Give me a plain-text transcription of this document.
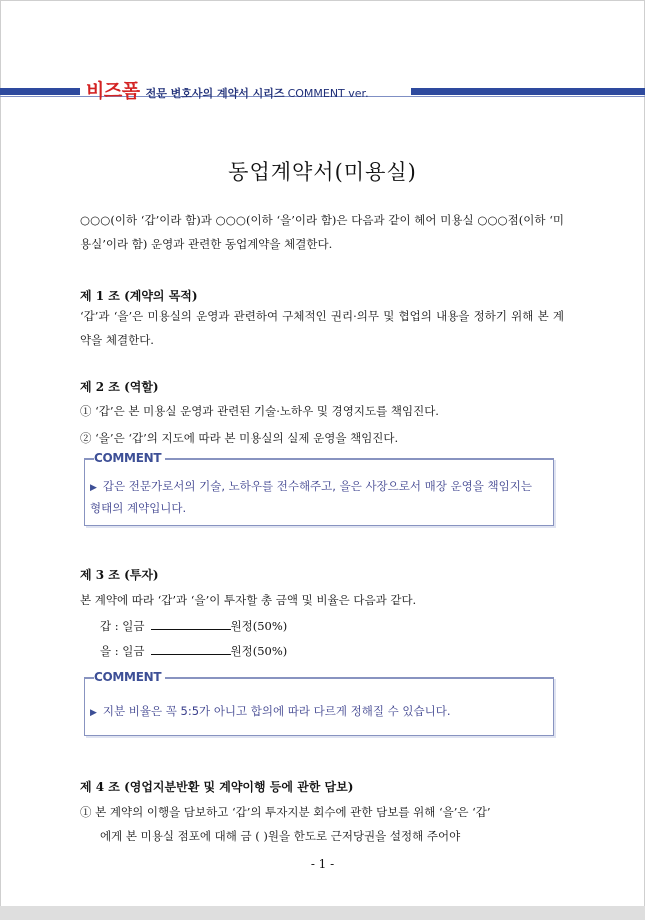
비즈폼 전문 변호사의 계약서 시리즈 COMMENT ver.
동업계약서(미용실)
○○○(이하 ‘갑’이라 함)과 ○○○(이하 ‘을’이라 함)은 다음과 같이 헤어 미용실 ○○○점(이하 ‘미용실’이라 함) 운영과 관련한 동업계약을 체결한다.
제 1 조 (계약의 목적)
‘갑’과 ‘을’은 미용실의 운영과 관련하여 구체적인 권리·의무 및 협업의 내용을 정하기 위해 본 계약을 체결한다.
제 2 조 (역할)
① ‘갑’은 본 미용실 운영과 관련된 기술·노하우 및 경영지도를 책임진다.
② ‘을’은 ‘갑’의 지도에 따라 본 미용실의 실제 운영을 책임진다.
COMMENT
▶ 갑은 전문가로서의 기술, 노하우를 전수해주고, 을은 사장으로서 매장 운영을 책임지는 형태의 계약입니다.
제 3 조 (투자)
본 계약에 따라 ‘갑’과 ‘을’이 투자할 총 금액 및 비율은 다음과 같다.
갑 : 일금	원정(50%)
을 : 일금	원정(50%)
COMMENT
▶ 지분 비율은 꼭 5:5가 아니고 합의에 따라 다르게 정해질 수 있습니다.
제 4 조 (영업지분반환 및 계약이행 등에 관한 담보)
① 본 계약의 이행을 담보하고 ‘갑’의 투자지분 회수에 관한 담보를 위해 ‘을’은 ‘갑’
에게 본 미용실 점포에 대해 금 ( )원을 한도로 근저당권을 설정해 주어야
- 1 -
